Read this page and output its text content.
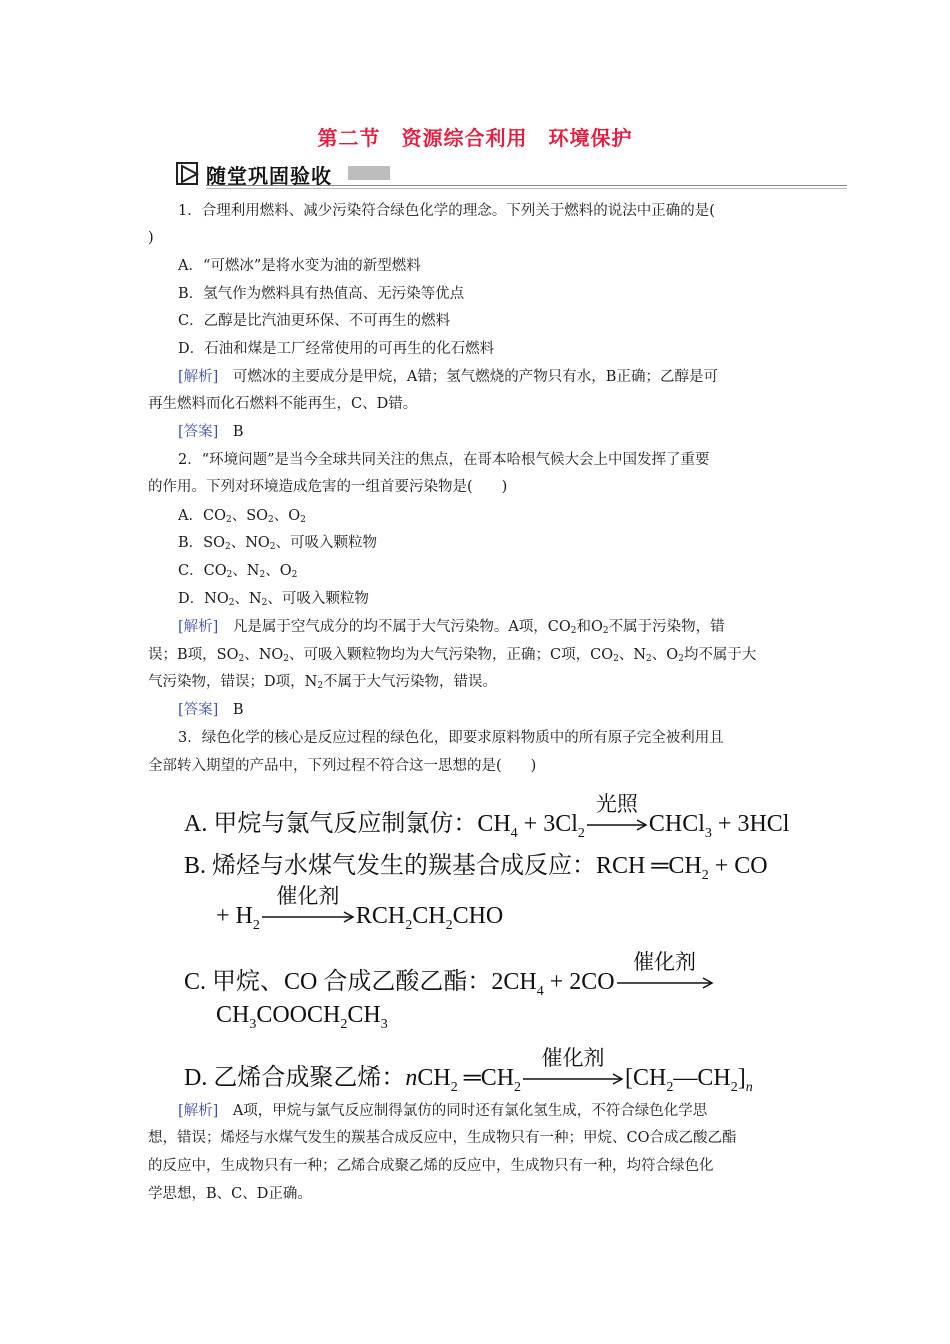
第二节　资源综合利用　环境保护
随堂巩固验收
1．合理利用燃料、减少污染符合绿色化学的理念。下列关于燃料的说法中正确的是(
)
A．“可燃冰”是将水变为油的新型燃料
B．氢气作为燃料具有热值高、无污染等优点
C．乙醇是比汽油更环保、不可再生的燃料
D．石油和煤是工厂经常使用的可再生的化石燃料
[解析]　可燃冰的主要成分是甲烷，A错；氢气燃烧的产物只有水，B正确；乙醇是可
再生燃料而化石燃料不能再生，C、D错。
[答案]　B
2．“环境问题”是当今全球共同关注的焦点，在哥本哈根气候大会上中国发挥了重要
的作用。下列对环境造成危害的一组首要污染物是(　　)
A．$CO_2$、$SO_2$、$O_2$
B．$SO_2$、$NO_2$、可吸入颗粒物
C．$CO_2$、$N_2$、$O_2$
D．$NO_2$、$N_2$、可吸入颗粒物
[解析]　凡是属于空气成分的均不属于大气污染物。A项，$CO_2$和$O_2$不属于污染物，错
误；B项，$SO_2$、$NO_2$、可吸入颗粒物均为大气污染物，正确；C项，$CO_2$、$N_2$、$O_2$均不属于大
气污染物，错误；D项，$N_2$不属于大气污染物，错误。
[答案]　B
3．绿色化学的核心是反应过程的绿色化，即要求原料物质中的所有原子完全被利用且
全部转入期望的产品中，下列过程不符合这一思想的是(　　)
A. 甲烷与氯气反应制氯仿：$CH_4 + 3Cl_2$
光照
CHCl$_3$ + 3HCl
B. 烯烃与水煤气发生的羰基合成反应：RCH $═CH_2$ + CO
+ $H_2$
催化剂
$RCH_2CH_2CHO$
C. 甲烷、CO 合成乙酸乙酯：$2CH_4 + 2CO$
催化剂
$CH_3COOCH_2CH_3$
D. 乙烯合成聚乙烯：nCH$_2$ $═CH_2$
催化剂
$[CH_2—CH_2]_n$
[解析]　A项，甲烷与氯气反应制得氯仿的同时还有氯化氢生成，不符合绿色化学思
想，错误；烯烃与水煤气发生的羰基合成反应中，生成物只有一种；甲烷、CO合成乙酸乙酯
的反应中，生成物只有一种；乙烯合成聚乙烯的反应中，生成物只有一种，均符合绿色化
学思想，B、C、D正确。
